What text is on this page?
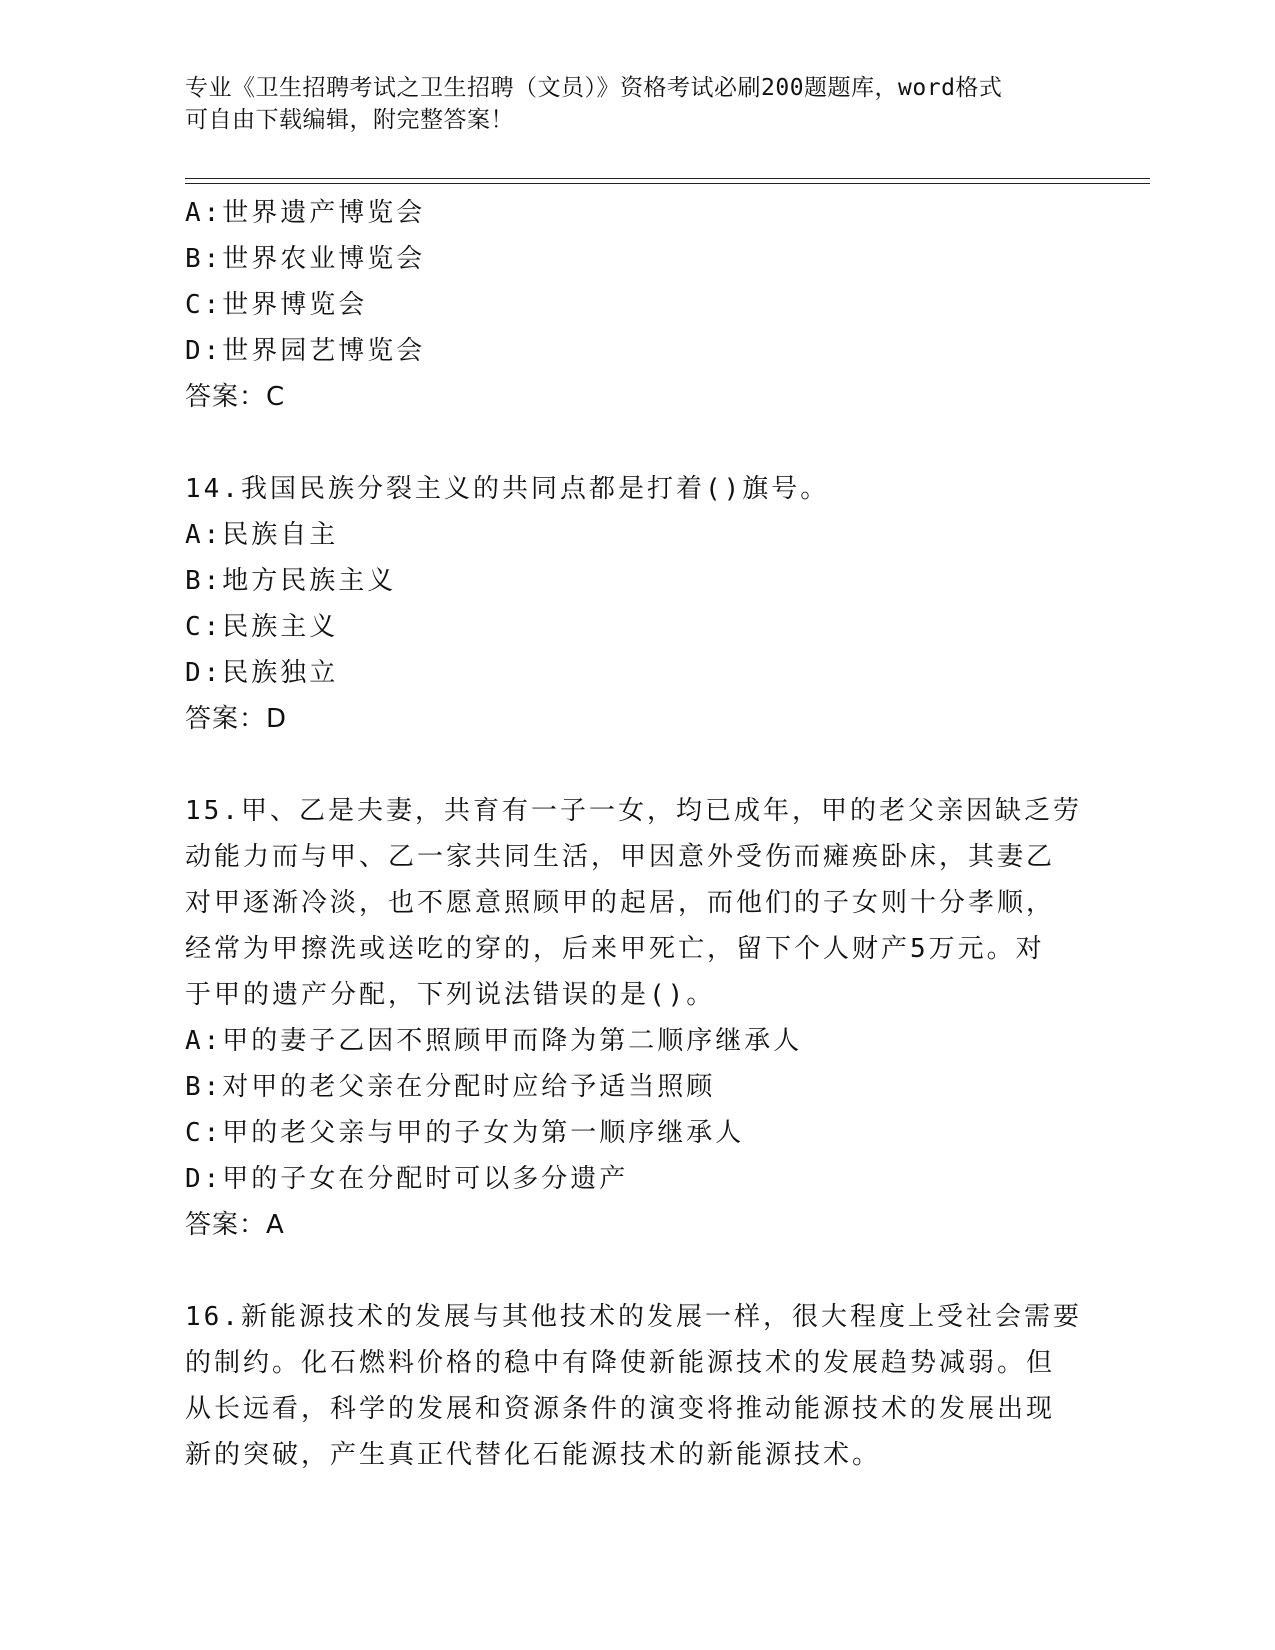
专业《卫生招聘考试之卫生招聘（文员）》资格考试必刷200题题库，word格式
可自由下载编辑，附完整答案！
A:世界遗产博览会
B:世界农业博览会
C:世界博览会
D:世界园艺博览会
答案：C
14.我国民族分裂主义的共同点都是打着()旗号。
A:民族自主
B:地方民族主义
C:民族主义
D:民族独立
答案：D
15.甲、乙是夫妻，共育有一子一女，均已成年，甲的老父亲因缺乏劳
动能力而与甲、乙一家共同生活，甲因意外受伤而瘫痪卧床，其妻乙
对甲逐渐冷淡，也不愿意照顾甲的起居，而他们的子女则十分孝顺，
经常为甲擦洗或送吃的穿的，后来甲死亡，留下个人财产5万元。对
于甲的遗产分配，下列说法错误的是()。
A:甲的妻子乙因不照顾甲而降为第二顺序继承人
B:对甲的老父亲在分配时应给予适当照顾
C:甲的老父亲与甲的子女为第一顺序继承人
D:甲的子女在分配时可以多分遗产
答案：A
16.新能源技术的发展与其他技术的发展一样，很大程度上受社会需要
的制约。化石燃料价格的稳中有降使新能源技术的发展趋势减弱。但
从长远看，科学的发展和资源条件的演变将推动能源技术的发展出现
新的突破，产生真正代替化石能源技术的新能源技术。
